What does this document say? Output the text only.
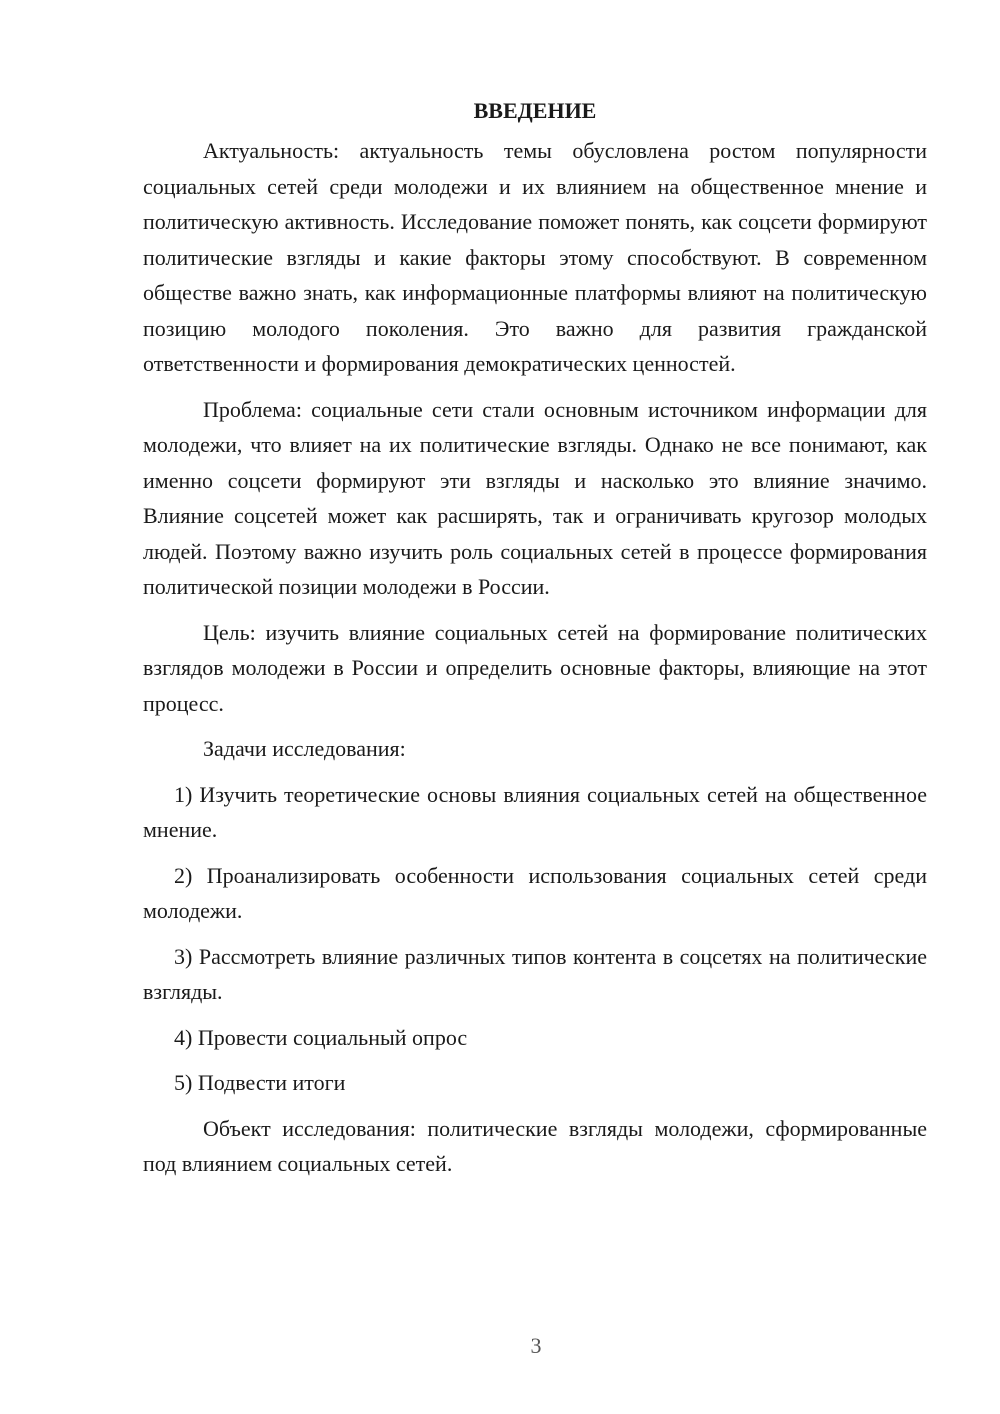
ВВЕДЕНИЕ

Актуальность: актуальность темы обусловлена ростом популярности социальных сетей среди молодежи и их влиянием на общественное мнение и политическую активность. Исследование поможет понять, как соцсети формируют политические взгляды и какие факторы этому способствуют. В современном обществе важно знать, как информационные платформы влияют на политическую позицию молодого поколения. Это важно для развития гражданской ответственности и формирования демократических ценностей.

Проблема: социальные сети стали основным источником информации для молодежи, что влияет на их политические взгляды. Однако не все понимают, как именно соцсети формируют эти взгляды и насколько это влияние значимо. Влияние соцсетей может как расширять, так и ограничивать кругозор молодых людей. Поэтому важно изучить роль социальных сетей в процессе формирования политической позиции молодежи в России.

Цель: изучить влияние социальных сетей на формирование политических взглядов молодежи в России и определить основные факторы, влияющие на этот процесс.

Задачи исследования:

1) Изучить теоретические основы влияния социальных сетей на общественное мнение.

2) Проанализировать особенности использования социальных сетей среди молодежи.

3) Рассмотреть влияние различных типов контента в соцсетях на политические взгляды.

4) Провести социальный опрос

5) Подвести итоги

Объект исследования: политические взгляды молодежи, сформированные под влиянием социальных сетей.

3
